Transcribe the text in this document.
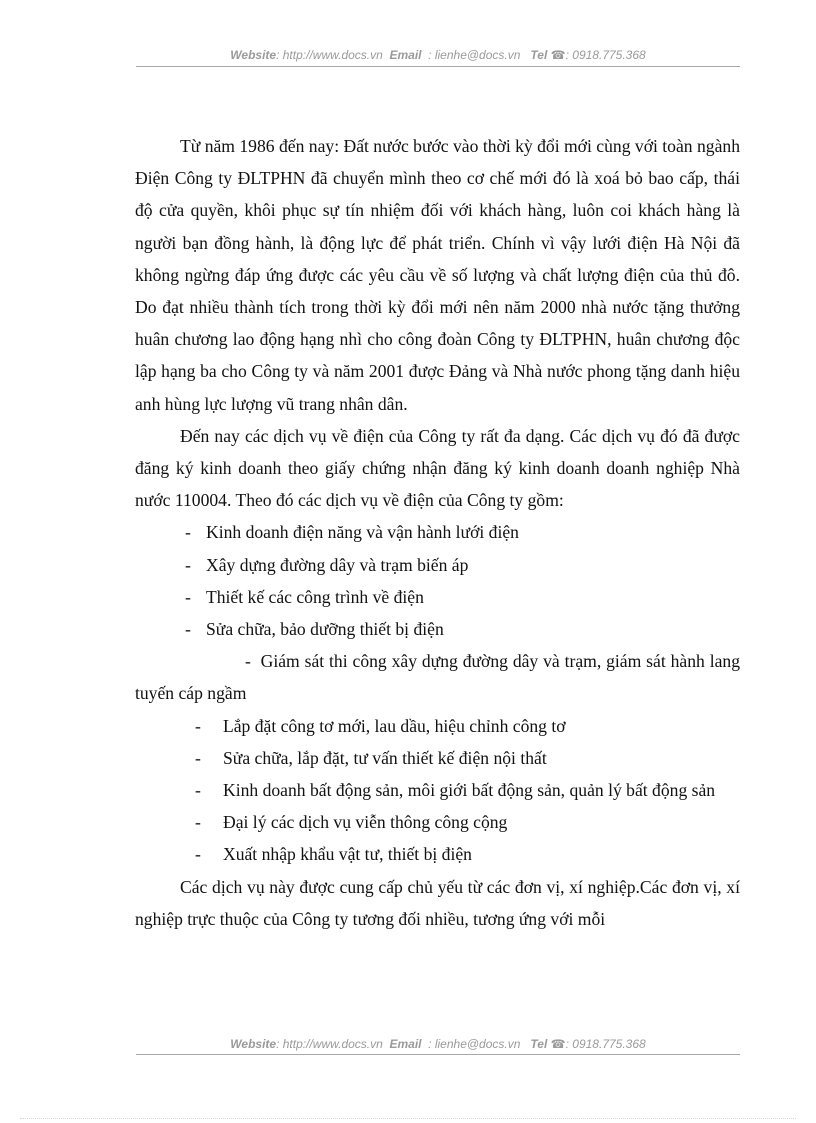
Website: http://www.docs.vn Email : lienhe@docs.vn Tel ☎: 0918.775.368

Từ năm 1986 đến nay: Đất nước bước vào thời kỳ đổi mới cùng với toàn ngành Điện Công ty ĐLTPHN đã chuyển mình theo cơ chế mới đó là xoá bỏ bao cấp, thái độ cửa quyền, khôi phục sự tín nhiệm đối với khách hàng, luôn coi khách hàng là người bạn đồng hành, là động lực để phát triển. Chính vì vậy lưới điện Hà Nội đã không ngừng đáp ứng được các yêu cầu về số lượng và chất lượng điện của thủ đô. Do đạt nhiều thành tích trong thời kỳ đổi mới nên năm 2000 nhà nước tặng thưởng huân chương lao động hạng nhì cho công đoàn Công ty ĐLTPHN, huân chương độc lập hạng ba cho Công ty và năm 2001 được Đảng và Nhà nước phong tặng danh hiệu anh hùng lực lượng vũ trang nhân dân.

Đến nay các dịch vụ về điện của Công ty rất đa dạng. Các dịch vụ đó đã được đăng ký kinh doanh theo giấy chứng nhận đăng ký kinh doanh doanh nghiệp Nhà nước 110004. Theo đó các dịch vụ về điện của Công ty gồm:

- Kinh doanh điện năng và vận hành lưới điện
- Xây dựng đường dây và trạm biến áp
- Thiết kế các công trình về điện
- Sửa chữa, bảo dưỡng thiết bị điện
- Giám sát thi công xây dựng đường dây và trạm, giám sát hành lang tuyến cáp ngầm
-	Lắp đặt công tơ mới, lau dầu, hiệu chỉnh công tơ
-	Sửa chữa, lắp đặt, tư vấn thiết kế điện nội thất
- Kinh doanh bất động sản, môi giới bất động sản, quản lý bất động sản
-	Đại lý các dịch vụ viễn thông công cộng
-	Xuất nhập khẩu vật tư, thiết bị điện

Các dịch vụ này được cung cấp chủ yếu từ các đơn vị, xí nghiệp.Các đơn vị, xí nghiệp trực thuộc của Công ty tương đối nhiều, tương ứng với mỗi

Website: http://www.docs.vn Email : lienhe@docs.vn Tel ☎: 0918.775.368
